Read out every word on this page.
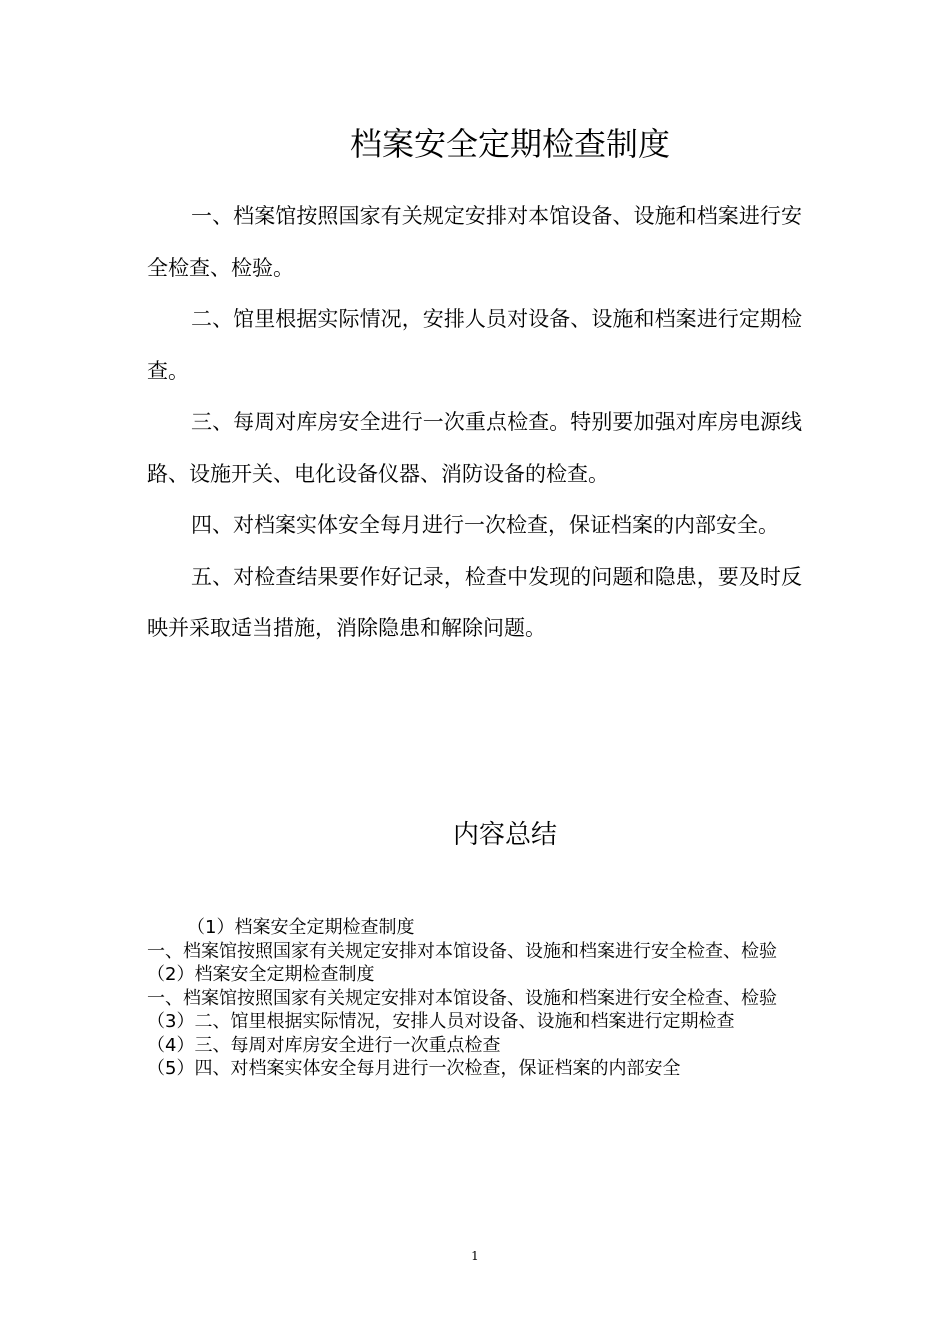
档案安全定期检查制度

一、档案馆按照国家有关规定安排对本馆设备、设施和档案进行安全检查、检验。

二、馆里根据实际情况，安排人员对设备、设施和档案进行定期检查。

三、每周对库房安全进行一次重点检查。特别要加强对库房电源线路、设施开关、电化设备仪器、消防设备的检查。

四、对档案实体安全每月进行一次检查，保证档案的内部安全。

五、对检查结果要作好记录，检查中发现的问题和隐患，要及时反映并采取适当措施，消除隐患和解除问题。

内容总结
（1）档案安全定期检查制度
一、档案馆按照国家有关规定安排对本馆设备、设施和档案进行安全检查、检验
（2）档案安全定期检查制度
一、档案馆按照国家有关规定安排对本馆设备、设施和档案进行安全检查、检验
（3）二、馆里根据实际情况，安排人员对设备、设施和档案进行定期检查
（4）三、每周对库房安全进行一次重点检查
（5）四、对档案实体安全每月进行一次检查，保证档案的内部安全
1
